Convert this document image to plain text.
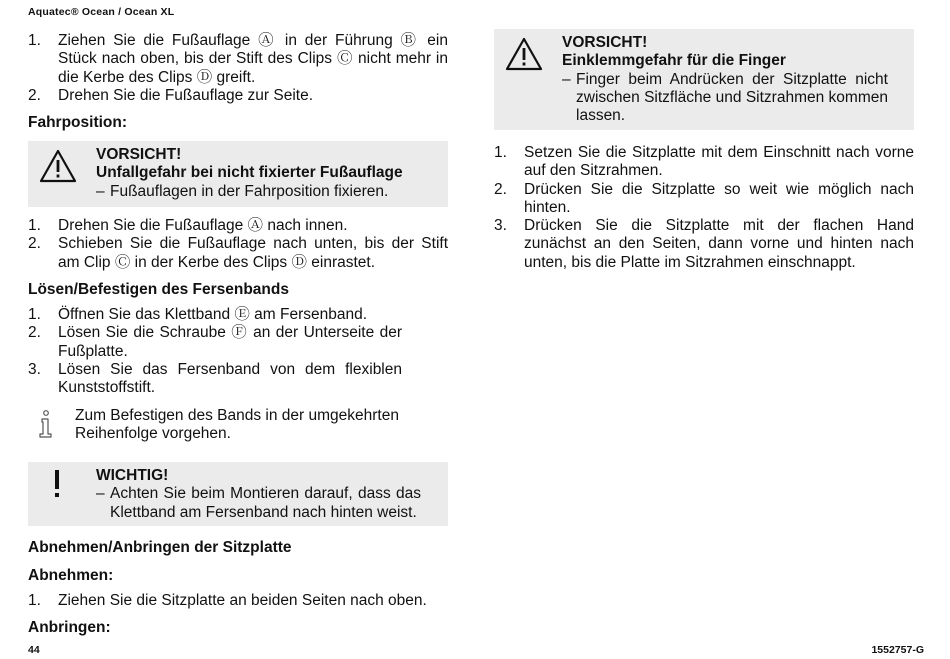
Aquatec® Ocean / Ocean XL
1. Ziehen Sie die Fußauflage Ⓐ in der Führung Ⓑ ein Stück nach oben, bis der Stift des Clips Ⓒ nicht mehr in die Kerbe des Clips Ⓓ greift.
2. Drehen Sie die Fußauflage zur Seite.
Fahrposition:
VORSICHT!
Unfallgefahr bei nicht fixierter Fußauflage
– Fußauflagen in der Fahrposition fixieren.
1. Drehen Sie die Fußauflage Ⓐ nach innen.
2. Schieben Sie die Fußauflage nach unten, bis der Stift am Clip Ⓒ in der Kerbe des Clips Ⓓ einrastet.
Lösen/Befestigen des Fersenbands
1. Öffnen Sie das Klettband Ⓔ am Fersenband.
2. Lösen Sie die Schraube Ⓕ an der Unterseite der Fußplatte.
3. Lösen Sie das Fersenband von dem flexiblen Kunststoffstift.
Zum Befestigen des Bands in der umgekehrten Reihenfolge vorgehen.
WICHTIG!
– Achten Sie beim Montieren darauf, dass das Klettband am Fersenband nach hinten weist.
Abnehmen/Anbringen der Sitzplatte
Abnehmen:
1. Ziehen Sie die Sitzplatte an beiden Seiten nach oben.
Anbringen:
VORSICHT!
Einklemmgefahr für die Finger
– Finger beim Andrücken der Sitzplatte nicht zwischen Sitzfläche und Sitzrahmen kommen lassen.
1. Setzen Sie die Sitzplatte mit dem Einschnitt nach vorne auf den Sitzrahmen.
2. Drücken Sie die Sitzplatte so weit wie möglich nach hinten.
3. Drücken Sie die Sitzplatte mit der flachen Hand zunächst an den Seiten, dann vorne und hinten nach unten, bis die Platte im Sitzrahmen einschnappt.
44	1552757-G
